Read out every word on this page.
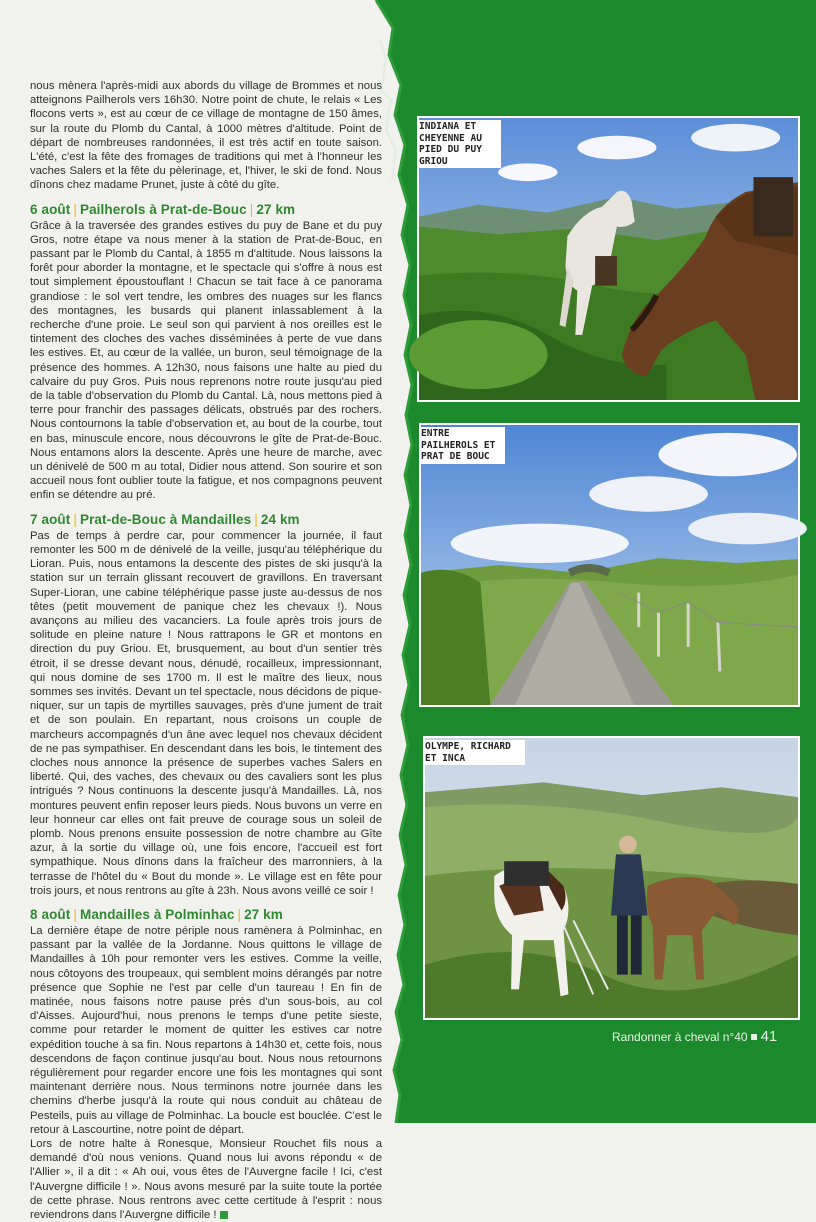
nous mènera l'après-midi aux abords du village de Brommes et nous atteignons Pailherols vers 16h30. Notre point de chute, le relais « Les flocons verts », est au cœur de ce village de montagne de 150 âmes, sur la route du Plomb du Cantal, à 1000 mètres d'altitude. Point de départ de nombreuses randonnées, il est très actif en toute saison. L'été, c'est la fête des fromages de traditions qui met à l'honneur les vaches Salers et la fête du pèlerinage, et, l'hiver, le ski de fond. Nous dînons chez madame Prunet, juste à côté du gîte.

6 août | Pailherols à Prat-de-Bouc | 27 km

Grâce à la traversée des grandes estives du puy de Bane et du puy Gros, notre étape va nous mener à la station de Prat-de-Bouc, en passant par le Plomb du Cantal, à 1855 m d'altitude. Nous laissons la forêt pour aborder la montagne, et le spectacle qui s'offre à nous est tout simplement époustouflant ! Chacun se tait face à ce panorama grandiose : le sol vert tendre, les ombres des nuages sur les flancs des montagnes, les busards qui planent inlassablement à la recherche d'une proie. Le seul son qui parvient à nos oreilles est le tintement des cloches des vaches disséminées à perte de vue dans les estives. Et, au cœur de la vallée, un buron, seul témoignage de la présence des hommes. A 12h30, nous faisons une halte au pied du calvaire du puy Gros. Puis nous reprenons notre route jusqu'au pied de la table d'observation du Plomb du Cantal. Là, nous mettons pied à terre pour franchir des passages délicats, obstrués par des rochers. Nous contournons la table d'observation et, au bout de la courbe, tout en bas, minuscule encore, nous découvrons le gîte de Prat-de-Bouc. Nous entamons alors la descente. Après une heure de marche, avec un dénivelé de 500 m au total, Didier nous attend. Son sourire et son accueil nous font oublier toute la fatigue, et nos compagnons peuvent enfin se détendre au pré.

7 août | Prat-de-Bouc à Mandailles | 24 km

Pas de temps à perdre car, pour commencer la journée, il faut remonter les 500 m de dénivelé de la veille, jusqu'au téléphérique du Lioran. Puis, nous entamons la descente des pistes de ski jusqu'à la station sur un terrain glissant recouvert de gravillons. En traversant Super-Lioran, une cabine téléphérique passe juste au-dessus de nos têtes (petit mouvement de panique chez les chevaux !). Nous avançons au milieu des vacanciers. La foule après trois jours de solitude en pleine nature ! Nous rattrapons le GR et montons en direction du puy Griou. Et, brusquement, au bout d'un sentier très étroit, il se dresse devant nous, dénudé, rocailleux, impressionnant, qui nous domine de ses 1700 m. Il est le maître des lieux, nous sommes ses invités. Devant un tel spectacle, nous décidons de pique-niquer, sur un tapis de myrtilles sauvages, près d'une jument de trait et de son poulain. En repartant, nous croisons un couple de marcheurs accompagnés d'un âne avec lequel nos chevaux décident de ne pas sympathiser. En descendant dans les bois, le tintement des cloches nous annonce la présence de superbes vaches Salers en liberté. Qui, des vaches, des chevaux ou des cavaliers sont les plus intrigués ? Nous continuons la descente jusqu'à Mandailles. Là, nos montures peuvent enfin reposer leurs pieds. Nous buvons un verre en leur honneur car elles ont fait preuve de courage sous un soleil de plomb. Nous prenons ensuite possession de notre chambre au Gîte azur, à la sortie du village où, une fois encore, l'accueil est fort sympathique. Nous dînons dans la fraîcheur des marronniers, à la terrasse de l'hôtel du « Bout du monde ». Le village est en fête pour trois jours, et nous rentrons au gîte à 23h. Nous avons veillé ce soir !

8 août | Mandailles à Polminhac | 27 km

La dernière étape de notre périple nous ramènera à Polminhac, en passant par la vallée de la Jordanne. Nous quittons le village de Mandailles à 10h pour remonter vers les estives. Comme la veille, nous côtoyons des troupeaux, qui semblent moins dérangés par notre présence que Sophie ne l'est par celle d'un taureau ! En fin de matinée, nous faisons notre pause près d'un sous-bois, au col d'Aisses. Aujourd'hui, nous prenons le temps d'une petite sieste, comme pour retarder le moment de quitter les estives car notre expédition touche à sa fin. Nous repartons à 14h30 et, cette fois, nous descendons de façon continue jusqu'au bout. Nous nous retournons régulièrement pour regarder encore une fois les montagnes qui sont maintenant derrière nous. Nous terminons notre journée dans les chemins d'herbe jusqu'à la route qui nous conduit au château de Pesteils, puis au village de Polminhac. La boucle est bouclée. C'est le retour à Lascourtine, notre point de départ.

Lors de notre halte à Ronesque, Monsieur Rouchet fils nous a demandé d'où nous venions. Quand nous lui avons répondu « de l'Allier », il a dit : « Ah oui, vous êtes de l'Auvergne facile ! Ici, c'est l'Auvergne difficile ! ». Nous avons mesuré par la suite toute la portée de cette phrase. Nous rentrons avec cette certitude à l'esprit : nous reviendrons dans l'Auvergne difficile !

INDIANA ET CHEYENNE AU PIED DU PUY GRIOU
ENTRE PAILHEROLS ET PRAT DE BOUC
OLYMPE, RICHARD ET INCA
Randonner à cheval n°40 41
